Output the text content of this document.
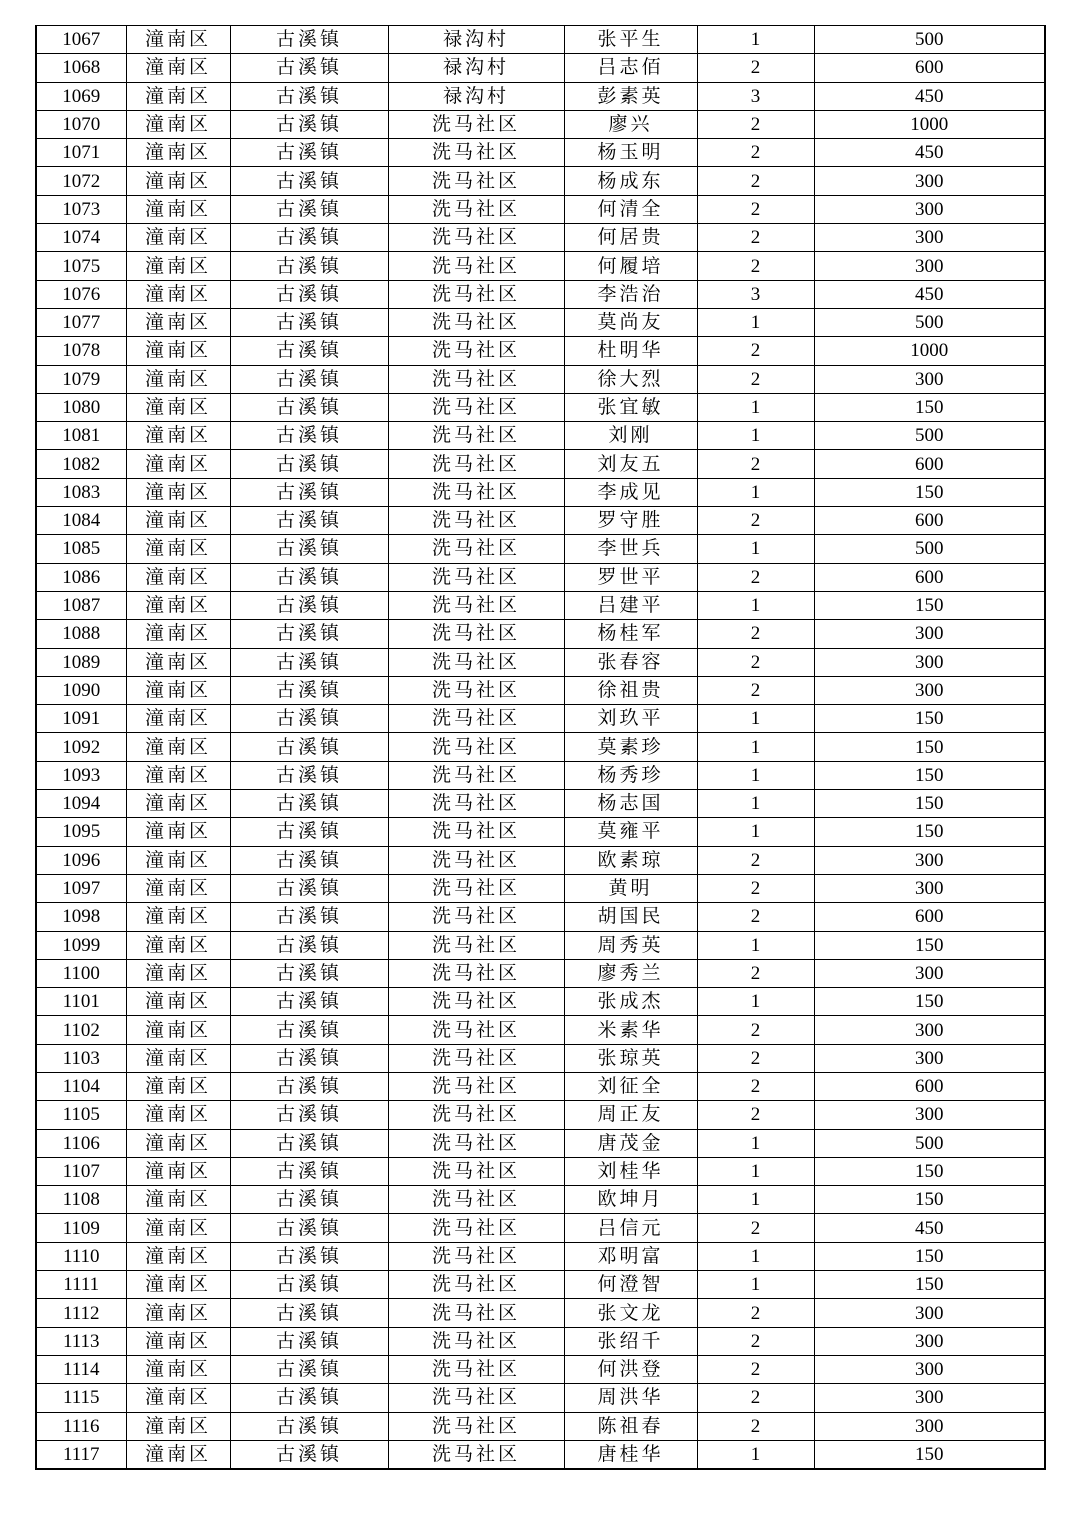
1067	潼南区	古溪镇	禄沟村	张平生	1	500
1068	潼南区	古溪镇	禄沟村	吕志佰	2	600
1069	潼南区	古溪镇	禄沟村	彭素英	3	450
1070	潼南区	古溪镇	洗马社区	廖兴	2	1000
1071	潼南区	古溪镇	洗马社区	杨玉明	2	450
1072	潼南区	古溪镇	洗马社区	杨成东	2	300
1073	潼南区	古溪镇	洗马社区	何清全	2	300
1074	潼南区	古溪镇	洗马社区	何居贵	2	300
1075	潼南区	古溪镇	洗马社区	何履培	2	300
1076	潼南区	古溪镇	洗马社区	李浩治	3	450
1077	潼南区	古溪镇	洗马社区	莫尚友	1	500
1078	潼南区	古溪镇	洗马社区	杜明华	2	1000
1079	潼南区	古溪镇	洗马社区	徐大烈	2	300
1080	潼南区	古溪镇	洗马社区	张宜敏	1	150
1081	潼南区	古溪镇	洗马社区	刘刚	1	500
1082	潼南区	古溪镇	洗马社区	刘友五	2	600
1083	潼南区	古溪镇	洗马社区	李成见	1	150
1084	潼南区	古溪镇	洗马社区	罗守胜	2	600
1085	潼南区	古溪镇	洗马社区	李世兵	1	500
1086	潼南区	古溪镇	洗马社区	罗世平	2	600
1087	潼南区	古溪镇	洗马社区	吕建平	1	150
1088	潼南区	古溪镇	洗马社区	杨桂军	2	300
1089	潼南区	古溪镇	洗马社区	张春容	2	300
1090	潼南区	古溪镇	洗马社区	徐祖贵	2	300
1091	潼南区	古溪镇	洗马社区	刘玖平	1	150
1092	潼南区	古溪镇	洗马社区	莫素珍	1	150
1093	潼南区	古溪镇	洗马社区	杨秀珍	1	150
1094	潼南区	古溪镇	洗马社区	杨志国	1	150
1095	潼南区	古溪镇	洗马社区	莫雍平	1	150
1096	潼南区	古溪镇	洗马社区	欧素琼	2	300
1097	潼南区	古溪镇	洗马社区	黄明	2	300
1098	潼南区	古溪镇	洗马社区	胡国民	2	600
1099	潼南区	古溪镇	洗马社区	周秀英	1	150
1100	潼南区	古溪镇	洗马社区	廖秀兰	2	300
1101	潼南区	古溪镇	洗马社区	张成杰	1	150
1102	潼南区	古溪镇	洗马社区	米素华	2	300
1103	潼南区	古溪镇	洗马社区	张琼英	2	300
1104	潼南区	古溪镇	洗马社区	刘征全	2	600
1105	潼南区	古溪镇	洗马社区	周正友	2	300
1106	潼南区	古溪镇	洗马社区	唐茂金	1	500
1107	潼南区	古溪镇	洗马社区	刘桂华	1	150
1108	潼南区	古溪镇	洗马社区	欧坤月	1	150
1109	潼南区	古溪镇	洗马社区	吕信元	2	450
1110	潼南区	古溪镇	洗马社区	邓明富	1	150
1111	潼南区	古溪镇	洗马社区	何澄智	1	150
1112	潼南区	古溪镇	洗马社区	张文龙	2	300
1113	潼南区	古溪镇	洗马社区	张绍千	2	300
1114	潼南区	古溪镇	洗马社区	何洪登	2	300
1115	潼南区	古溪镇	洗马社区	周洪华	2	300
1116	潼南区	古溪镇	洗马社区	陈祖春	2	300
1117	潼南区	古溪镇	洗马社区	唐桂华	1	150
